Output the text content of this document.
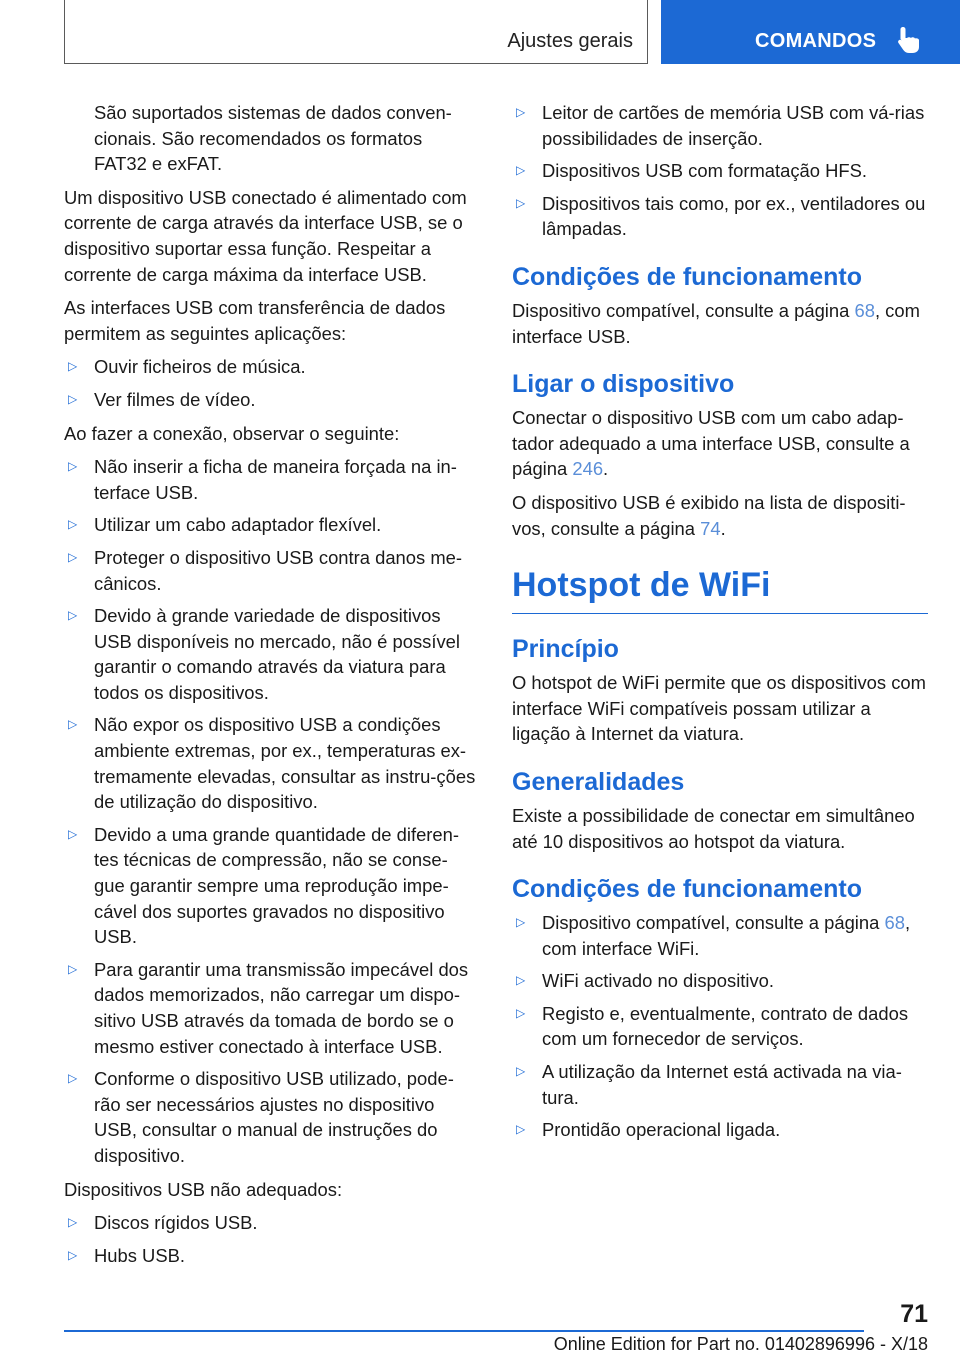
Ajustes gerais	COMANDOS

São suportados sistemas de dados conven-cionais. São recomendados os formatos FAT32 e exFAT.

Um dispositivo USB conectado é alimentado com corrente de carga através da interface USB, se o dispositivo suportar essa função. Respeitar a corrente de carga máxima da interface USB.

As interfaces USB com transferência de dados permitem as seguintes aplicações:

▷ Ouvir ficheiros de música.
▷ Ver filmes de vídeo.

Ao fazer a conexão, observar o seguinte:

▷ Não inserir a ficha de maneira forçada na in-terface USB.
▷ Utilizar um cabo adaptador flexível.
▷ Proteger o dispositivo USB contra danos me-cânicos.
▷ Devido à grande variedade de dispositivos USB disponíveis no mercado, não é possível garantir o comando através da viatura para todos os dispositivos.
▷ Não expor os dispositivo USB a condições ambiente extremas, por ex., temperaturas ex-tremamente elevadas, consultar as instru-ções de utilização do dispositivo.
▷ Devido a uma grande quantidade de diferen-tes técnicas de compressão, não se conse-gue garantir sempre uma reprodução impe-cável dos suportes gravados no dispositivo USB.
▷ Para garantir uma transmissão impecável dos dados memorizados, não carregar um dispo-sitivo USB através da tomada de bordo se o mesmo estiver conectado à interface USB.
▷ Conforme o dispositivo USB utilizado, pode-rão ser necessários ajustes no dispositivo USB, consultar o manual de instruções do dispositivo.

Dispositivos USB não adequados:

▷ Discos rígidos USB.
▷ Hubs USB.
▷ Leitor de cartões de memória USB com vá-rias possibilidades de inserção.
▷ Dispositivos USB com formatação HFS.
▷ Dispositivos tais como, por ex., ventiladores ou lâmpadas.
Condições de funcionamento

Dispositivo compatível, consulte a página 68, com interface USB.

Ligar o dispositivo

Conectar o dispositivo USB com um cabo adap-tador adequado a uma interface USB, consulte a página 246.

O dispositivo USB é exibido na lista de dispositi-vos, consulte a página 74.

Hotspot de WiFi
Princípio

O hotspot de WiFi permite que os dispositivos com interface WiFi compatíveis possam utilizar a ligação à Internet da viatura.

Generalidades

Existe a possibilidade de conectar em simultâneo até 10 dispositivos ao hotspot da viatura.

Condições de funcionamento
▷ Dispositivo compatível, consulte a página 68, com interface WiFi.
▷ WiFi activado no dispositivo.
▷ Registo e, eventualmente, contrato de dados com um fornecedor de serviços.
▷ A utilização da Internet está activada na via-tura.
▷ Prontidão operacional ligada.
71
Online Edition for Part no. 01402896996 - X/18
